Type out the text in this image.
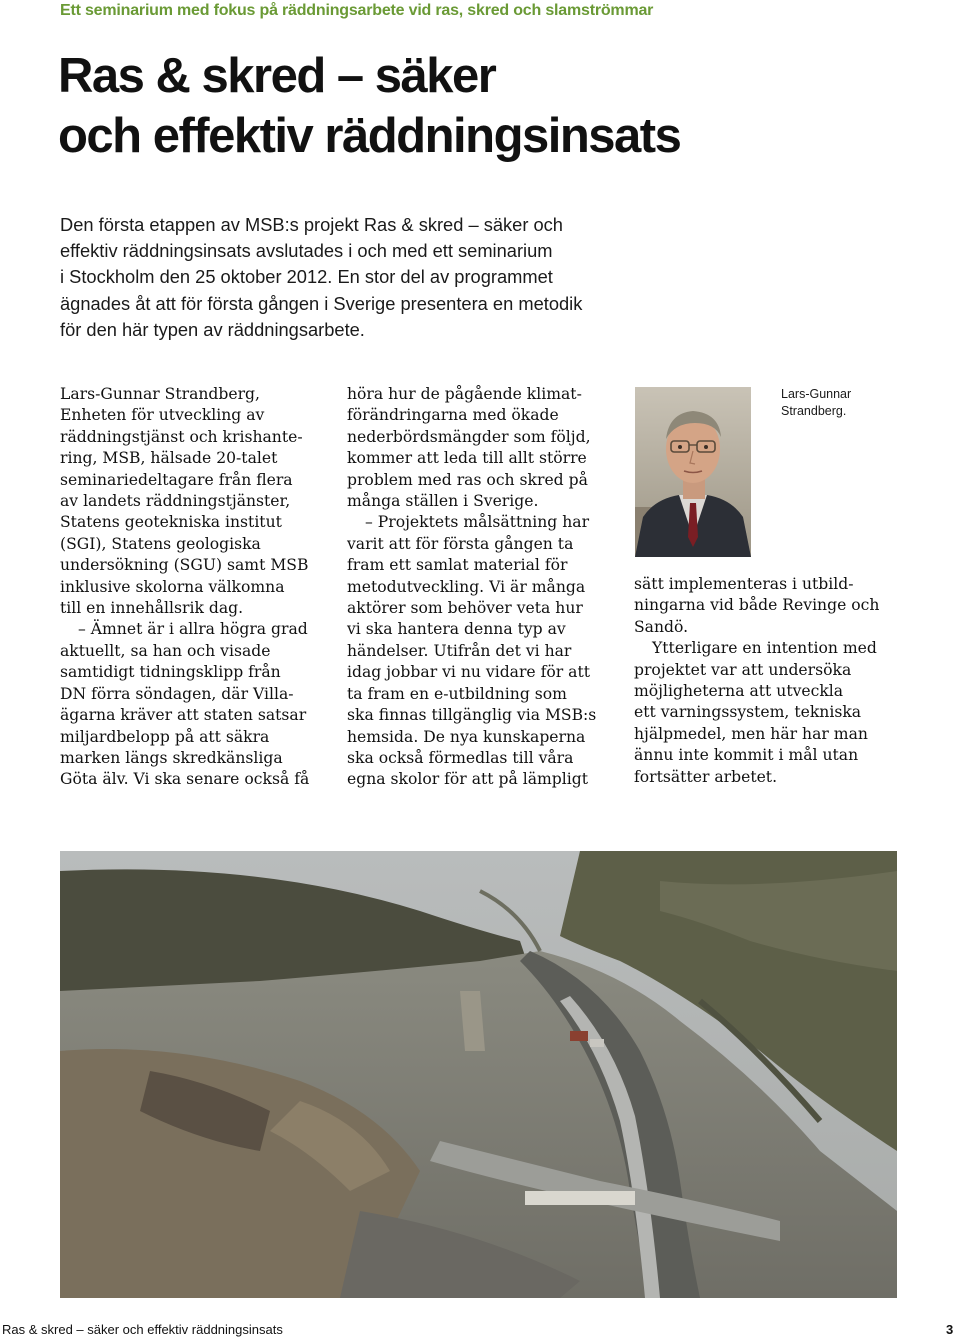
Ett seminarium med fokus på räddningsarbete vid ras, skred och slamströmmar
Ras & skred – säker
och effektiv räddningsinsats
Den första etappen av MSB:s projekt Ras & skred – säker och
effektiv räddningsinsats avslutades i och med ett seminarium
i Stockholm den 25 oktober 2012. En stor del av programmet
ägnades åt att för första gången i Sverige presentera en metodik
för den här typen av räddningsarbete.

Lars-Gunnar Strandberg,

Enheten för utveckling av

räddningstjänst och krishante-

ring, MSB, hälsade 20-talet

seminariedeltagare från flera

av landets räddningstjänster,

Statens geotekniska institut

(SGI), Statens geologiska

undersökning (SGU) samt MSB

inklusive skolorna välkomna

till en innehållsrik dag.

– Ämnet är i allra högra grad

aktuellt, sa han och visade

samtidigt tidningsklipp från

DN förra söndagen, där Villa-

ägarna kräver att staten satsar

miljardbelopp på att säkra

marken längs skredkänsliga

Göta älv. Vi ska senare också få

höra hur de pågående klimat-

förändringarna med ökade

nederbördsmängder som följd,

kommer att leda till allt större

problem med ras och skred på

många ställen i Sverige.

– Projektets målsättning har

varit att för första gången ta

fram ett samlat material för

metodutveckling. Vi är många

aktörer som behöver veta hur

vi ska hantera denna typ av

händelser. Utifrån det vi har

idag jobbar vi nu vidare för att

ta fram en e-utbildning som

ska finnas tillgänglig via MSB:s

hemsida. De nya kunskaperna

ska också förmedlas till våra

egna skolor för att på lämpligt

Lars-Gunnar
Strandberg.

sätt implementeras i utbild-

ningarna vid både Revinge och

Sandö.

Ytterligare en intention med

projektet var att undersöka

möjligheterna att utveckla

ett varningssystem, tekniska

hjälpmedel, men här har man

ännu inte kommit i mål utan

fortsätter arbetet.

Ras & skred – säker och effektiv räddningsinsats	3
